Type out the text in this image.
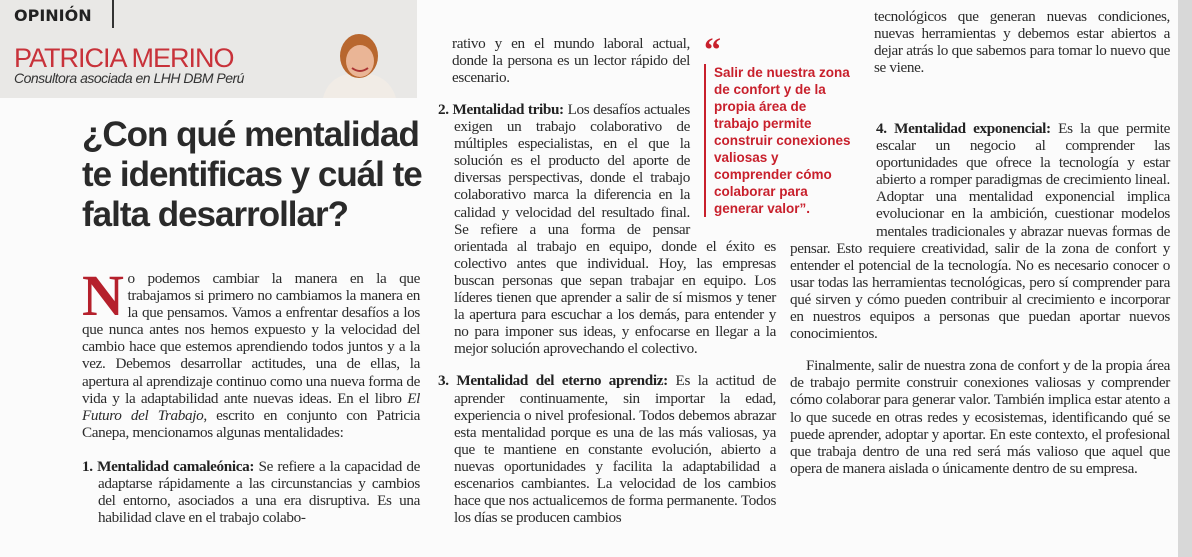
OPINIÓN
PATRICIA MERINO
Consultora asociada en LHH DBM Perú
¿Con qué mentalidad te identificas y cuál te falta desarrollar?

No podemos cambiar la manera en la que trabajamos si primero no cambiamos la manera en la que pensamos. Vamos a enfrentar desafíos a los que nunca antes nos hemos expuesto y la velocidad del cambio hace que estemos aprendiendo todos juntos y a la vez. Debemos desarrollar actitudes, una de ellas, la apertura al aprendizaje continuo como una nueva forma de vida y la adaptabilidad ante nuevas ideas. En el libro El Futuro del Trabajo, escrito en conjunto con Patricia Canepa, mencionamos algunas mentalidades:

1. Mentalidad camaleónica: Se refiere a la capacidad de adaptarse rápidamente a las circunstancias y cambios del entorno, asociados a una era disruptiva. Es una habilidad clave en el trabajo colabo-

rativo y en el mundo laboral actual, donde la persona es un lector rápido del escenario.

2. Mentalidad tribu: Los desafíos actuales exigen un trabajo colaborativo de múltiples especialistas, en el que la solución es el producto del aporte de diversas perspectivas, donde el trabajo colaborativo marca la diferencia en la calidad y velocidad del resultado final. Se refiere a una forma de pensar orientada al trabajo en equipo, donde el éxito es colectivo antes que individual. Hoy, las empresas buscan personas que sepan trabajar en equipo. Los líderes tienen que aprender a salir de sí mismos y tener la apertura para escuchar a los demás, para entender y no para imponer sus ideas, y enfocarse en llegar a la mejor solución aprovechando el colectivo.

3. Mentalidad del eterno aprendiz: Es la actitud de aprender continuamente, sin importar la edad, experiencia o nivel profesional. Todos debemos abrazar esta mentalidad porque es una de las más valiosas, ya que te mantiene en constante evolución, abierto a nuevas oportunidades y facilita la adaptabilidad a escenarios cambiantes. La velocidad de los cambios hace que nos actualicemos de forma permanente. Todos los días se producen cambios

“
Salir de nuestra zona de confort y de la propia área de trabajo permite construir conexiones valiosas y comprender cómo colaborar para generar valor”.

tecnológicos que generan nuevas condiciones, nuevas herramientas y debemos estar abiertos a dejar atrás lo que sabemos para tomar lo nuevo que se viene.

4. Mentalidad exponencial: Es la que permite escalar un negocio al comprender las oportunidades que ofrece la tecnología y estar abierto a romper paradigmas de crecimiento lineal. Adoptar una mentalidad exponencial implica evolucionar en la ambición, cuestionar modelos mentales tradicionales y abrazar nuevas formas de pensar. Esto requiere creatividad, salir de la zona de confort y entender el potencial de la tecnología. No es necesario conocer o usar todas las herramientas tecnológicas, pero sí comprender para qué sirven y cómo pueden contribuir al crecimiento e incorporar en nuestros equipos a personas que puedan aportar nuevos conocimientos.

Finalmente, salir de nuestra zona de confort y de la propia área de trabajo permite construir conexiones valiosas y comprender cómo colaborar para generar valor. También implica estar atento a lo que sucede en otras redes y ecosistemas, identificando qué se puede aprender, adoptar y aportar. En este contexto, el profesional que trabaja dentro de una red será más valioso que aquel que opera de manera aislada o únicamente dentro de su empresa.
